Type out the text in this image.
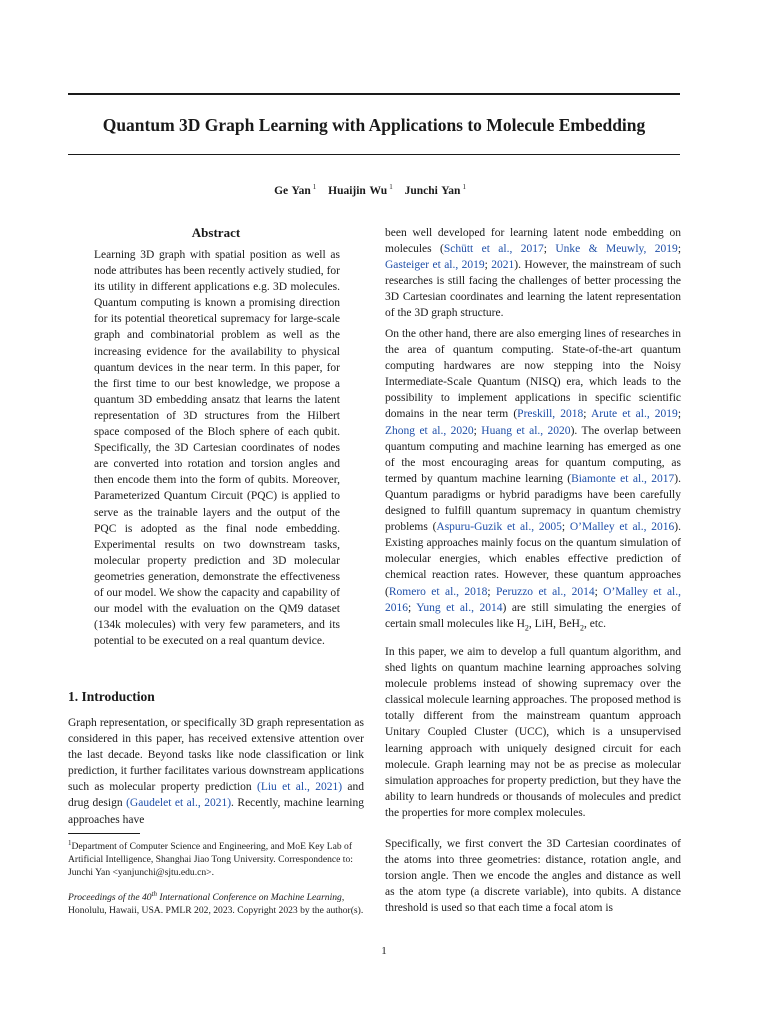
Quantum 3D Graph Learning with Applications to Molecule Embedding
Ge Yan $^1$ Huaijin Wu $^1$ Junchi Yan $^1$
Abstract
Learning 3D graph with spatial position as well as node attributes has been recently actively studied, for its utility in different applications e.g. 3D molecules. Quantum computing is known a promising direction for its potential theoretical supremacy for large-scale graph and combinatorial problem as well as the increasing evidence for the availability to physical quantum devices in the near term. In this paper, for the first time to our best knowledge, we propose a quantum 3D embedding ansatz that learns the latent representation of 3D structures from the Hilbert space composed of the Bloch sphere of each qubit. Specifically, the 3D Cartesian coordinates of nodes are converted into rotation and torsion angles and then encode them into the form of qubits. Moreover, Parameterized Quantum Circuit (PQC) is applied to serve as the trainable layers and the output of the PQC is adopted as the final node embedding. Experimental results on two downstream tasks, molecular property prediction and 3D molecular geometries generation, demonstrate the effectiveness of our model. We show the capacity and capability of our model with the evaluation on the QM9 dataset (134k molecules) with very few parameters, and its potential to be executed on a real quantum device.
1. Introduction
Graph representation, or specifically 3D graph representation as considered in this paper, has received extensive attention over the last decade. Beyond tasks like node classification or link prediction, it further facilitates various downstream applications such as molecular property prediction (Liu et al., 2021) and drug design (Gaudelet et al., 2021). Recently, machine learning approaches have

$^1$Department of Computer Science and Engineering, and MoE Key Lab of Artificial Intelligence, Shanghai Jiao Tong University. Correspondence to: Junchi Yan <yanjunchi@sjtu.edu.cn>.

Proceedings of the 40th International Conference on Machine Learning, Honolulu, Hawaii, USA. PMLR 202, 2023. Copyright 2023 by the author(s).

been well developed for learning latent node embedding on molecules (Schütt et al., 2017; Unke & Meuwly, 2019; Gasteiger et al., 2019; 2021). However, the mainstream of such researches is still facing the challenges of better processing the 3D Cartesian coordinates and learning the latent representation of the 3D graph structure.

On the other hand, there are also emerging lines of researches in the area of quantum computing. State-of-the-art quantum computing hardwares are now stepping into the Noisy Intermediate-Scale Quantum (NISQ) era, which leads to the possibility to implement applications in specific scientific domains in the near term (Preskill, 2018; Arute et al., 2019; Zhong et al., 2020; Huang et al., 2020). The overlap between quantum computing and machine learning has emerged as one of the most encouraging areas for quantum computing, as termed by quantum machine learning (Biamonte et al., 2017). Quantum paradigms or hybrid paradigms have been carefully designed to fulfill quantum supremacy in quantum chemistry problems (Aspuru-Guzik et al., 2005; O’Malley et al., 2016). Existing approaches mainly focus on the quantum simulation of molecular energies, which enables effective prediction of chemical reaction rates. However, these quantum approaches (Romero et al., 2018; Peruzzo et al., 2014; O’Malley et al., 2016; Yung et al., 2014) are still simulating the energies of certain small molecules like $H_2$, LiH, BeH$_2$, etc.

In this paper, we aim to develop a full quantum algorithm, and shed lights on quantum machine learning approaches solving molecule problems instead of showing supremacy over the classical molecule learning approaches. The proposed method is totally different from the mainstream quantum approach Unitary Coupled Cluster (UCC), which is a unsupervised learning approach with uniquely designed circuit for each molecule. Graph learning may not be as precise as molecular simulation approaches for property prediction, but they have the ability to learn hundreds or thousands of molecules and predict the properties for more complex molecules.

Specifically, we first convert the 3D Cartesian coordinates of the atoms into three geometries: distance, rotation angle, and torsion angle. Then we encode the angles and distance as well as the atom type (a discrete variable), into qubits. A distance threshold is used so that each time a focal atom is

1
